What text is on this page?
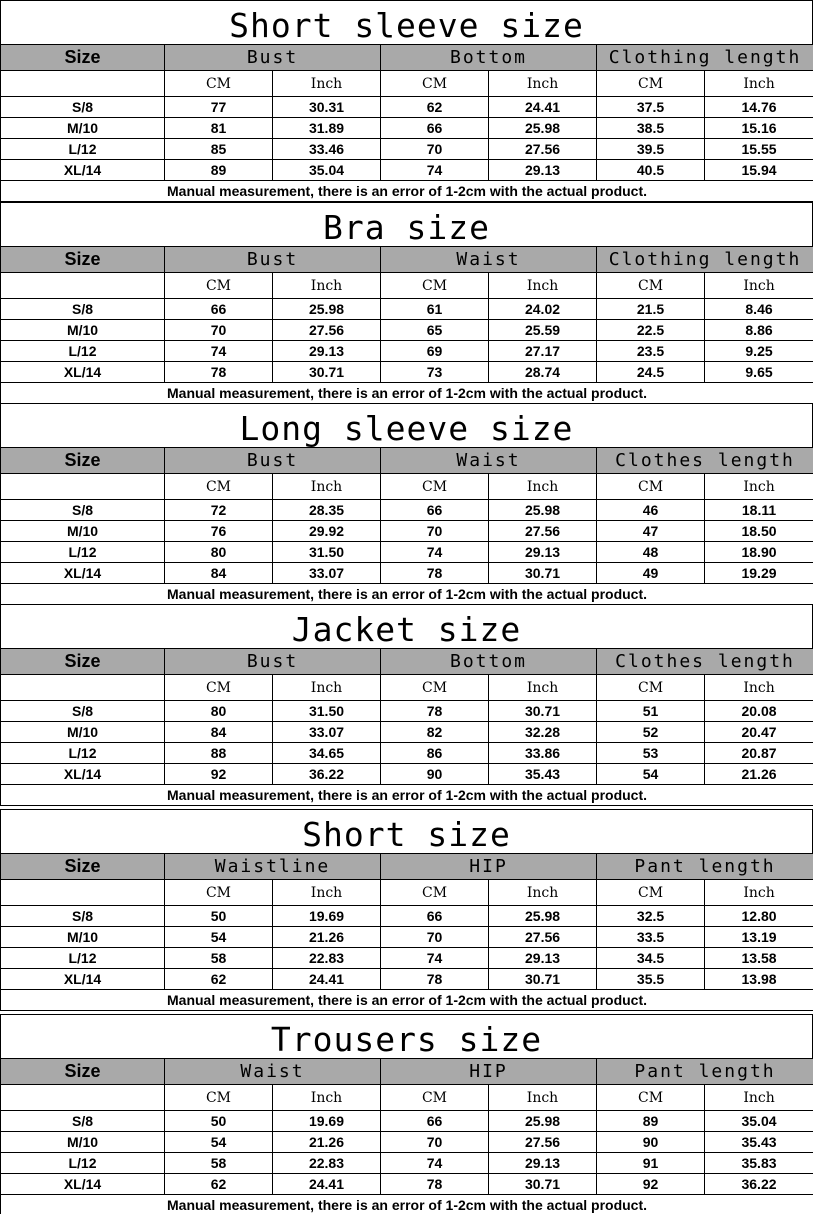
Short sleeve size
Size	Bust		Bottom		Clothing length	
	CM	Inch	CM	Inch	CM	Inch
S/8	77	30.31	62	24.41	37.5	14.76
M/10	81	31.89	66	25.98	38.5	15.16
L/12	85	33.46	70	27.56	39.5	15.55
XL/14	89	35.04	74	29.13	40.5	15.94
Manual measurement, there is an error of 1-2cm with the actual product.						
Bra size
Size	Bust		Waist		Clothing length	
	CM	Inch	CM	Inch	CM	Inch
S/8	66	25.98	61	24.02	21.5	8.46
M/10	70	27.56	65	25.59	22.5	8.86
L/12	74	29.13	69	27.17	23.5	9.25
XL/14	78	30.71	73	28.74	24.5	9.65
Manual measurement, there is an error of 1-2cm with the actual product.						
Long sleeve size
Size	Bust		Waist		Clothes length	
	CM	Inch	CM	Inch	CM	Inch
S/8	72	28.35	66	25.98	46	18.11
M/10	76	29.92	70	27.56	47	18.50
L/12	80	31.50	74	29.13	48	18.90
XL/14	84	33.07	78	30.71	49	19.29
Manual measurement, there is an error of 1-2cm with the actual product.						
Jacket size
Size	Bust		Bottom		Clothes length	
	CM	Inch	CM	Inch	CM	Inch
S/8	80	31.50	78	30.71	51	20.08
M/10	84	33.07	82	32.28	52	20.47
L/12	88	34.65	86	33.86	53	20.87
XL/14	92	36.22	90	35.43	54	21.26
Manual measurement, there is an error of 1-2cm with the actual product.						
Short size
Size	Waistline		HIP		Pant length	
	CM	Inch	CM	Inch	CM	Inch
S/8	50	19.69	66	25.98	32.5	12.80
M/10	54	21.26	70	27.56	33.5	13.19
L/12	58	22.83	74	29.13	34.5	13.58
XL/14	62	24.41	78	30.71	35.5	13.98
Manual measurement, there is an error of 1-2cm with the actual product.						
Trousers size
Size	Waist		HIP		Pant length	
	CM	Inch	CM	Inch	CM	Inch
S/8	50	19.69	66	25.98	89	35.04
M/10	54	21.26	70	27.56	90	35.43
L/12	58	22.83	74	29.13	91	35.83
XL/14	62	24.41	78	30.71	92	36.22
Manual measurement, there is an error of 1-2cm with the actual product.						
